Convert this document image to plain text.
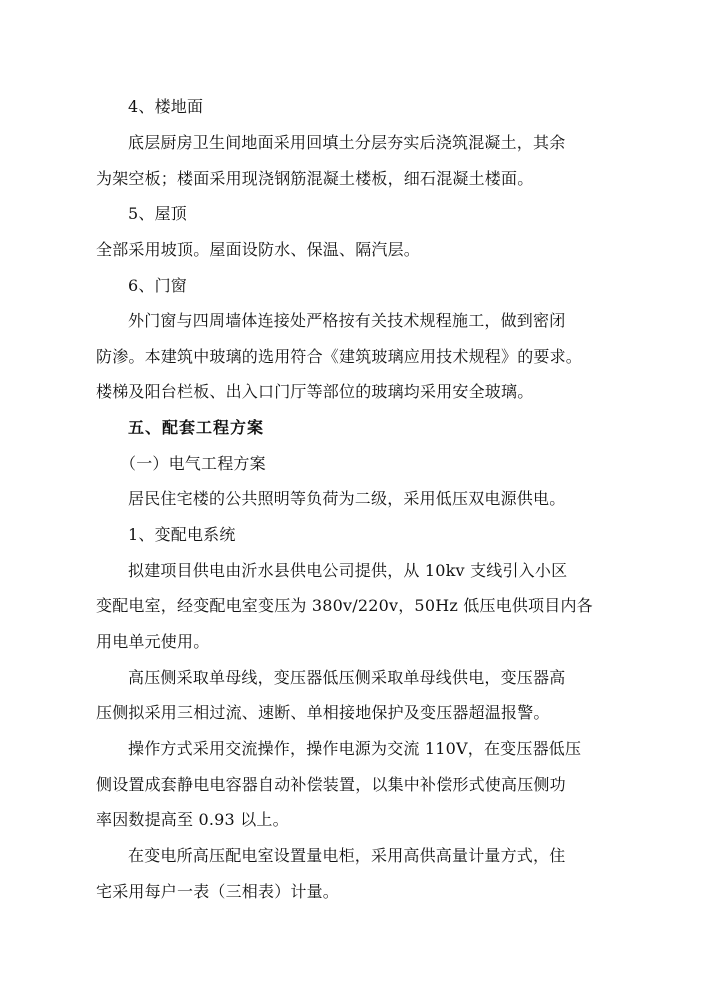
4、楼地面
底层厨房卫生间地面采用回填土分层夯实后浇筑混凝土，其余
为架空板；楼面采用现浇钢筋混凝土楼板，细石混凝土楼面。
5、屋顶
全部采用坡顶。屋面设防水、保温、隔汽层。
6、门窗
外门窗与四周墙体连接处严格按有关技术规程施工，做到密闭
防渗。本建筑中玻璃的选用符合《建筑玻璃应用技术规程》的要求。
楼梯及阳台栏板、出入口门厅等部位的玻璃均采用安全玻璃。
五、配套工程方案
（一）电气工程方案
居民住宅楼的公共照明等负荷为二级，采用低压双电源供电。
1、变配电系统
拟建项目供电由沂水县供电公司提供，从 10kv 支线引入小区
变配电室，经变配电室变压为 380v/220v，50Hz 低压电供项目内各
用电单元使用。
高压侧采取单母线，变压器低压侧采取单母线供电，变压器高
压侧拟采用三相过流、速断、单相接地保护及变压器超温报警。
操作方式采用交流操作，操作电源为交流 110V，在变压器低压
侧设置成套静电电容器自动补偿装置，以集中补偿形式使高压侧功
率因数提高至 0.93 以上。
在变电所高压配电室设置量电柜，采用高供高量计量方式，住
宅采用每户一表（三相表）计量。
